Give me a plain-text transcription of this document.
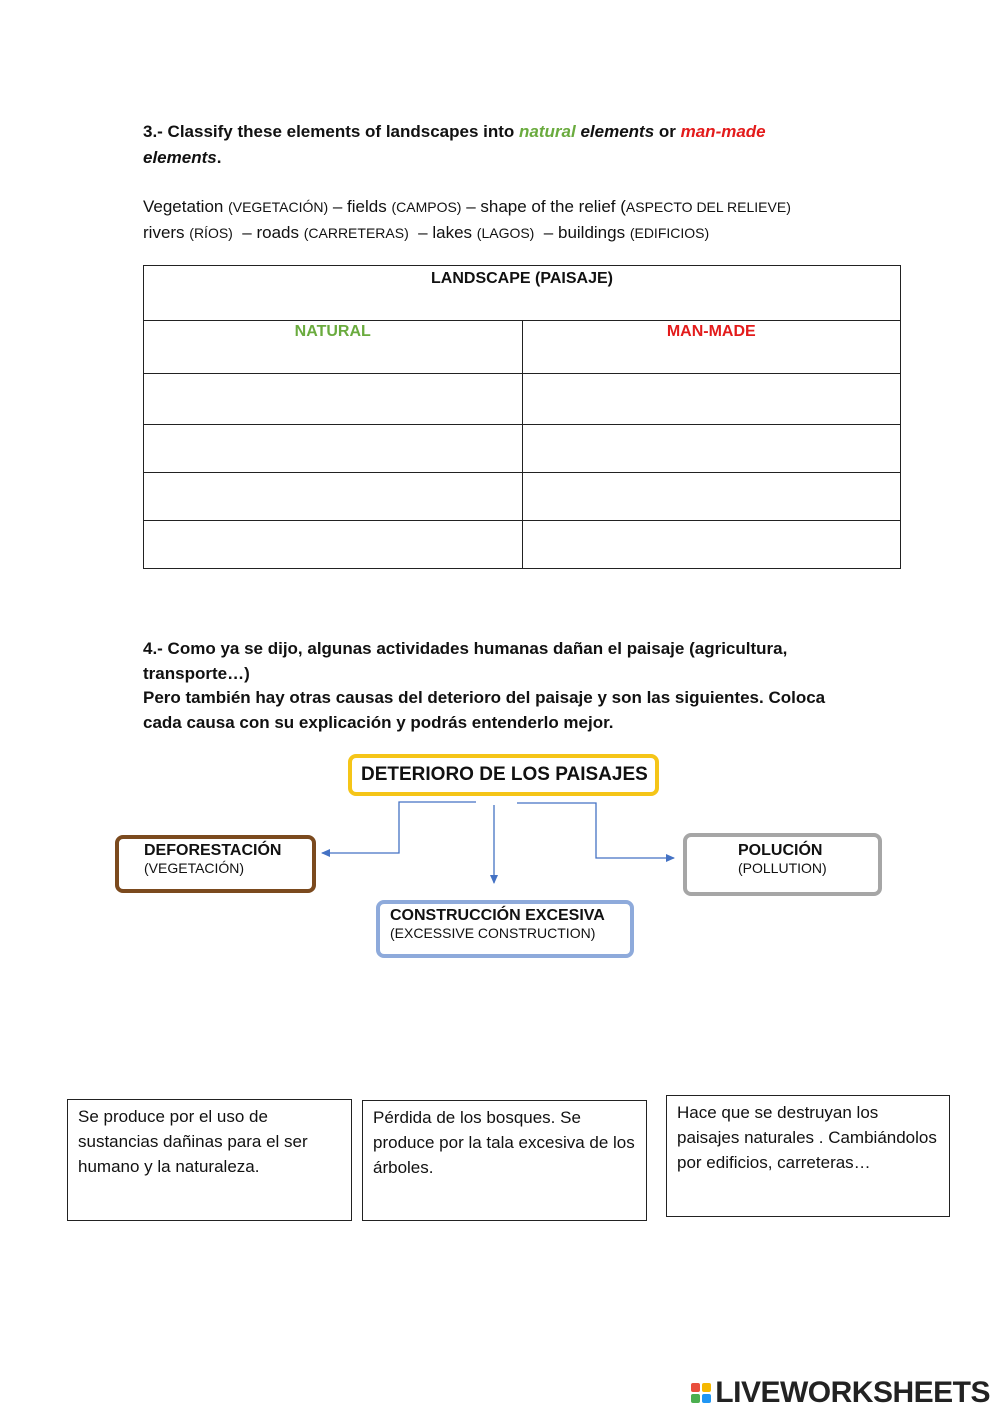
3.- Classify these elements of landscapes into natural elements or man-made
elements.
Vegetation (VEGETACIÓN) – fields (CAMPOS) – shape of the relief (ASPECTO DEL RELIEVE)
rivers (RÍOS)  – roads (CARRETERAS)  – lakes (LAGOS)  – buildings (EDIFICIOS)
LANDSCAPE (PAISAJE)	
NATURAL	MAN-MADE

4.- Como ya se dijo, algunas actividades humanas dañan el paisaje (agricultura,
transporte…)
Pero también hay otras causas del deterioro del paisaje y son las siguientes. Coloca
cada causa con su explicación y podrás entenderlo mejor.
DETERIORO DE LOS PAISAJES
DEFORESTACIÓN
(VEGETACIÓN)
POLUCIÓN
(POLLUTION)
CONSTRUCCIÓN EXCESIVA
(EXCESSIVE CONSTRUCTION)
Se produce por el uso de sustancias dañinas para el ser humano y la naturaleza.
Pérdida de los bosques. Se produce por la tala excesiva de los árboles.
Hace que se destruyan los paisajes naturales . Cambiándolos por edificios, carreteras…
LIVEWORKSHEETS
